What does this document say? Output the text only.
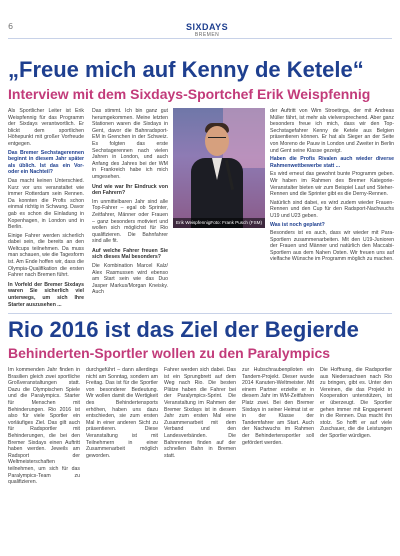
6	SIXDAYS
BREMEN
„Freue mich auf Kenny de Ketele“
Interview mit dem Sixdays-Sportchef Erik Weispfennig

Als Sportlicher Leiter ist Erik Weispfennig für das Programm der Sixdays verantwortlich. Er blickt dem sportlichen Höhepunkt mit großer Vorfreude entgegen.

Das Bremer Sechstagerennen beginnt in diesem Jahr später als üblich. Ist das ein Vor- oder ein Nachteil?

Das macht keinen Unterschied. Kurz vor uns veranstaltet wie immer Rotterdam sein Rennen. Da konnten die Profis schon einmal richtig in Schwung. Davor gab es schon die Einladung in Kopenhagen, in London und in Berlin.

Einige Fahrer werden sicherlich dabei sein, die bereits an den Weltcups teilnehmen. Da muss man schauen, wie die Tagesform ist. Am Ende hoffen wir, dass die Olympia-Qualifikation die ersten Fahrer nach Bremen führt.

In Vorfeld der Bremer Sixdays waren Sie sicherlich viel unterwegs, um sich Ihre Starter auszusehen ...

Das stimmt. Ich bin ganz gut herumgekommen. Meine letzten Stationen waren die Sixdays in Gent, davor die Bahnradsport-EM in Grenchen in der Schweiz. Es folgten das erste Sechstagerennen nach vielen Jahren in London, und auch Anfang des Jahres bei der WM in Frankreich habe ich mich umgesehen.

Und wie war Ihr Eindruck von den Fahrern?

Im unmittelbaren Jahr sind alle Top-Fahrer – egal ob Sprinter, Zeitfahrer, Männer oder Frauen – ganz besonders motiviert und wollen sich möglichst für Rio qualifizieren. Die Bahnfahrer sind alle fit.

Auf welche Fahrer freuen Sie sich dieses Mal besonders?

Die Kombination Marcel Kalz/ Alex Rasmussen wird ebenso am Start sein wie das Duo Jasper Markus/Morgan Kneisky. Auch

Erik Weispfennig.
Foto: Frank Pusch (FSM)

der Auftritt von Wim Stroetinga, der mit Andreas Müller fährt, ist mehr als vielversprechend. Aber ganz besonders freue ich mich, dass wir den Top-Sechstagefahrer Kenny de Ketele aus Belgien präsentieren können. Er hat als Sieger an der Seite von Moreno de Pauw in London und Zweiter in Berlin und Gent seine Klasse gezeigt.

Haben die Profis Rivalen auch wieder diverse Rahmenwettbewerbe statt ...

Es wird erneut das gewohnt bunte Programm geben. Wir haben im Rahmen des Bremer Kategorie-Veranstalter bieten wir zum Beispiel Lauf und Steher-Rennen und die Sprinter gibt es die Derny-Rennen.

Natürlich sind dabei, es wird zudem wieder Frauen-Rennen und den Cup für den Radsport-Nachwuchs U19 und U23 geben.

Was ist noch geplant?

Besonders ist es auch, dass wir wieder mit Para-Sportlern zusammenarbeiten. Mit den U19-Junioren der Frauen und Männer und natürlich den Maccabi-Sportlern aus dem Nahen Osten. Wir freuen uns auf vielfache Wünsche im Programm möglich zu machen.

Rio 2016 ist das Ziel der Begierde
Behinderten-Sportler wollen zu den Paralympics
Im kommenden Jahr finden in Brasilien gleich zwei sportliche Großveranstaltungen statt. Dazu die Olympischen Spiele und die Paralympics. Starter für Menschen mit Behinderungen. Rio 2016 ist also für viele Sportler ein vorläufiges Ziel. Das gilt auch für Radsportler mit Behinderungen, die bei den Bremer Sixdays einen Auftritt haben werden. Jeweils am Radsport der Weltmeisterschaften teilnehmen, um sich für das Paralympics-Team zu qualifizieren.
durchgeführt – dann allerdings nicht am Sonntag, sondern am Freitag. Das ist für die Sportler von besonderer Bedeutung. Wir wollen damit die Wertigkeit des Behindertensports erhöhen, haben uns dazu entschieden, sie zum ersten Mal in einer anderen Sicht zu präsentieren. Diese Veranstaltung ist mit Teilnehmern in einer Zusammenarbeit möglich geworden.
Fahrer werden sich dabei. Das ist ein Sprungbrett auf dem Weg nach Rio. Die besten Plätze haben die Fahrer bei der Paralympics-Sprint. Die Veranstaltung im Rahmen der Bremer Sixdays ist in diesem Jahr zum ersten Mal eine Zusammenarbeit mit dem Verband und den Landesverbänden. Die Bahnrennen finden auf der schnellen Bahn in Bremen statt.
zur Hubschraubenpiloten ein Tandem-Projekt. Dieser wurde 2014 Kanuten-Weltmeister. Mit einem Partner erzielte er in diesem Jahr im WM-Zeitfahren Platz zwei. Bei den Bremer Sixdays in seiner Heimat ist er in der Klasse der Tandemfahrer am Start. Auch der Nachwuchs im Rahmen der Behindertensportler soll gefördert werden.
Die Hoffnung, die Radsportler aus Niedersachsen nach Rio zu bringen, gibt es. Unter den Vereinen, die das Projekt in Kooperation unterstützen, ist er überzeugt. Die Sportler gehen immer mit Engagement in die Rennen. Das macht ihn stolz. So hofft er auf viele Zuschauer, die die Leistungen der Sportler würdigen.
